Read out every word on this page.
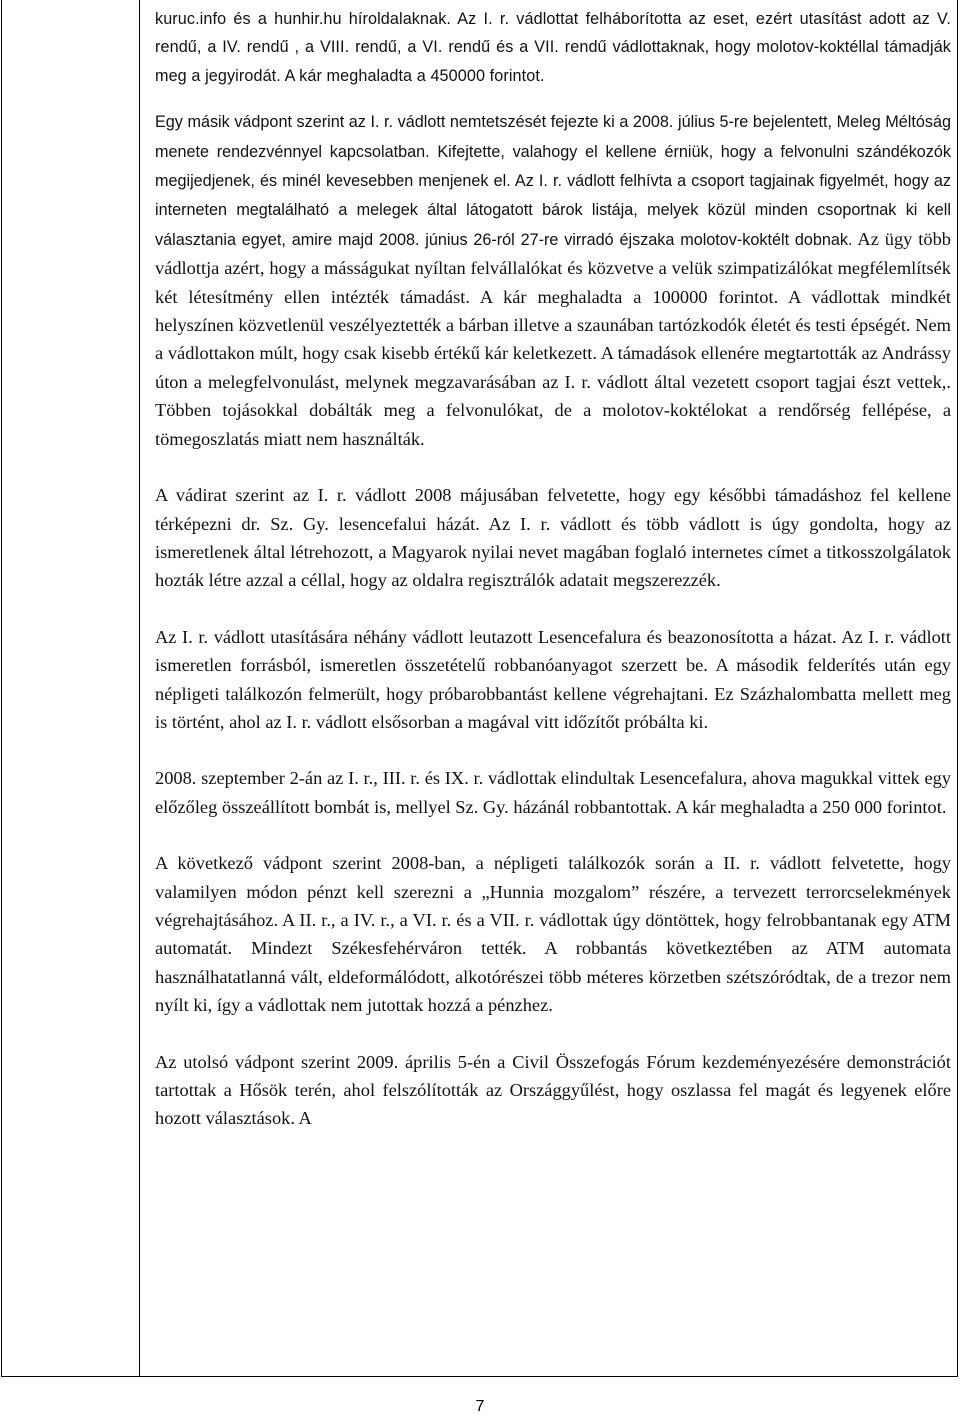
kuruc.info és a hunhir.hu híroldalaknak. Az I. r. vádlottat felháborította az eset, ezért utasítást adott az V. rendű, a IV. rendű , a VIII. rendű, a VI. rendű és a VII. rendű vádlottaknak, hogy molotov-koktéllal támadják meg a jegyirodát. A kár meghaladta a 450000 forintot.

Egy másik vádpont szerint az I. r. vádlott nemtetszését fejezte ki a 2008. július 5-re bejelentett, Meleg Méltóság menete rendezvénnyel kapcsolatban. Kifejtette, valahogy el kellene érniük, hogy a felvonulni szándékozók megijedjenek, és minél kevesebben menjenek el. Az I. r. vádlott felhívta a csoport tagjainak figyelmét, hogy az interneten megtalálható a melegek által látogatott bárok listája, melyek közül minden csoportnak ki kell választania egyet, amire majd 2008. június 26-ról 27-re virradó éjszaka molotov-koktélt dobnak. Az ügy több vádlottja azért, hogy a másságukat nyíltan felvállalókat és közvetve a velük szimpatizálókat megfélemlítsék két létesítmény ellen intézték támadást. A kár meghaladta a 100000 forintot. A vádlottak mindkét helyszínen közvetlenül veszélyeztették a bárban illetve a szaunában tartózkodók életét és testi épségét. Nem a vádlottakon múlt, hogy csak kisebb értékű kár keletkezett. A támadások ellenére megtartották az Andrássy úton a melegfelvonulást, melynek megzavarásában az I. r. vádlott által vezetett csoport tagjai észt vettek,. Többen tojásokkal dobálták meg a felvonulókat, de a molotov-koktélokat a rendőrség fellépése, a tömegoszlatás miatt nem használták.

A vádirat szerint az I. r. vádlott 2008 májusában felvetette, hogy egy későbbi támadáshoz fel kellene térképezni dr. Sz. Gy. lesencefalui házát. Az I. r. vádlott és több vádlott is úgy gondolta, hogy az ismeretlenek által létrehozott, a Magyarok nyilai nevet magában foglaló internetes címet a titkosszolgálatok hozták létre azzal a céllal, hogy az oldalra regisztrálók adatait megszerezzék.

Az I. r. vádlott utasítására néhány vádlott leutazott Lesencefalura és beazonosította a házat. Az I. r. vádlott ismeretlen forrásból, ismeretlen összetételű robbanóanyagot szerzett be. A második felderítés után egy népligeti találkozón felmerült, hogy próbarobbantást kellene végrehajtani. Ez Százhalombatta mellett meg is történt, ahol az I. r. vádlott elsősorban a magával vitt időzítőt próbálta ki.

2008. szeptember 2-án az I. r., III. r. és IX. r. vádlottak elindultak Lesencefalura, ahova magukkal vittek egy előzőleg összeállított bombát is, mellyel Sz. Gy. házánál robbantottak. A kár meghaladta a 250 000 forintot.

A következő vádpont szerint 2008-ban, a népligeti találkozók során a II. r. vádlott felvetette, hogy valamilyen módon pénzt kell szerezni a „Hunnia mozgalom” részére, a tervezett terrorcselekmények végrehajtásához. A II. r., a IV. r., a VI. r. és a VII. r. vádlottak úgy döntöttek, hogy felrobbantanak egy ATM automatát. Mindezt Székesfehérváron tették. A robbantás következtében az ATM automata használhatatlanná vált, eldeformálódott, alkotórészei több méteres körzetben szétszóródtak, de a trezor nem nyílt ki, így a vádlottak nem jutottak hozzá a pénzhez.

Az utolsó vádpont szerint 2009. április 5-én a Civil Összefogás Fórum kezdeményezésére demonstrációt tartottak a Hősök terén, ahol felszólították az Országgyűlést, hogy oszlassa fel magát és legyenek előre hozott választások. A

7
